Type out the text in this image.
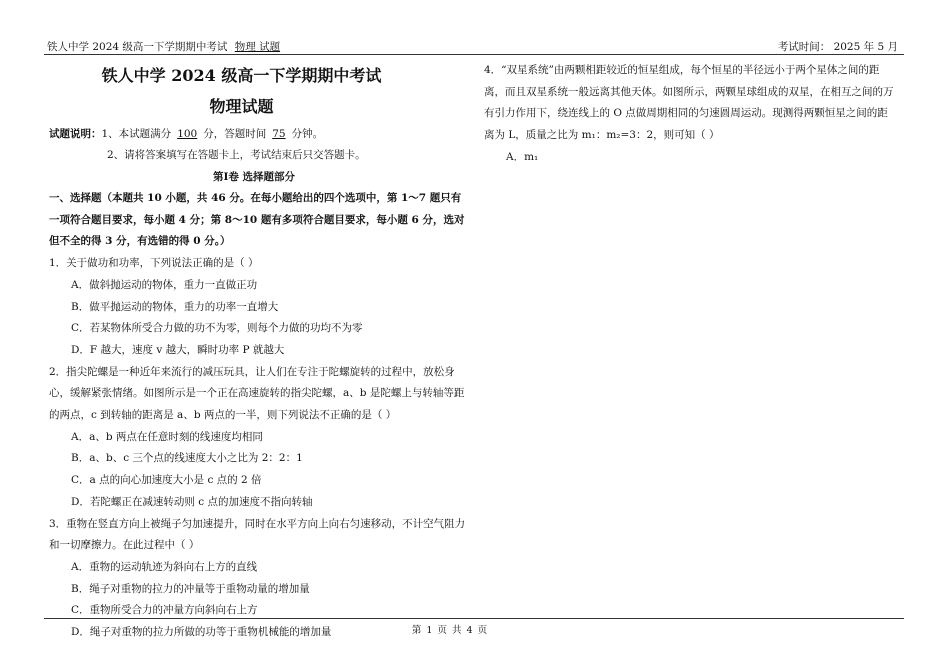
铁人中学 2024 级高一下学期期中考试 物理 试题	考试时间： 2025 年 5 月
铁人中学 2024 级高一下学期期中考试
物理试题
试题说明：1、本试题满分 100 分，答题时间 75 分钟。
2、请将答案填写在答题卡上，考试结束后只交答题卡。
第Ⅰ卷 选择题部分
一、选择题（本题共 10 小题，共 46 分。在每小题给出的四个选项中，第 1～7 题只有一项符合题目要求，每小题 4 分；第 8～10 题有多项符合题目要求，每小题 6 分，选对但不全的得 3 分，有选错的得 0 分。）

1．关于做功和功率，下列说法正确的是（ ）

A．做斜抛运动的物体，重力一直做正功

B．做平抛运动的物体，重力的功率一直增大

C．若某物体所受合力做的功不为零，则每个力做的功均不为零

D．F 越大，速度 v 越大，瞬时功率 P 就越大

2．指尖陀螺是一种近年来流行的减压玩具，让人们在专注于陀螺旋转的过程中，放松身心，缓解紧张情绪。如图所示是一个正在高速旋转的指尖陀螺，a、b 是陀螺上与转轴等距的两点，c 到转轴的距离是 a、b 两点的一半，则下列说法不正确的是（ ）

A．a、b 两点在任意时刻的线速度均相同

B．a、b、c 三个点的线速度大小之比为 2：2：1

C．a 点的向心加速度大小是 c 点的 2 倍

D．若陀螺正在减速转动则 c 点的加速度不指向转轴

3．重物在竖直方向上被绳子匀加速提升，同时在水平方向上向右匀速移动，不计空气阻力和一切摩擦力。在此过程中（ ）

A．重物的运动轨迹为斜向右上方的直线

B．绳子对重物的拉力的冲量等于重物动量的增加量

C．重物所受合力的冲量方向斜向右上方

D．绳子对重物的拉力所做的功等于重物机械能的增加量

4．“双星系统”由两颗相距较近的恒星组成，每个恒星的半径远小于两个星体之间的距离，而且双星系统一般远离其他天体。如图所示，两颗星球组成的双星，在相互之间的万有引力作用下，绕连线上的 O 点做周期相同的匀速圆周运动。现测得两颗恒星之间的距离为 L，质量之比为 m₁：m₂=3：2，则可知（ ）

A．m₁

第 1 页 共 4 页
